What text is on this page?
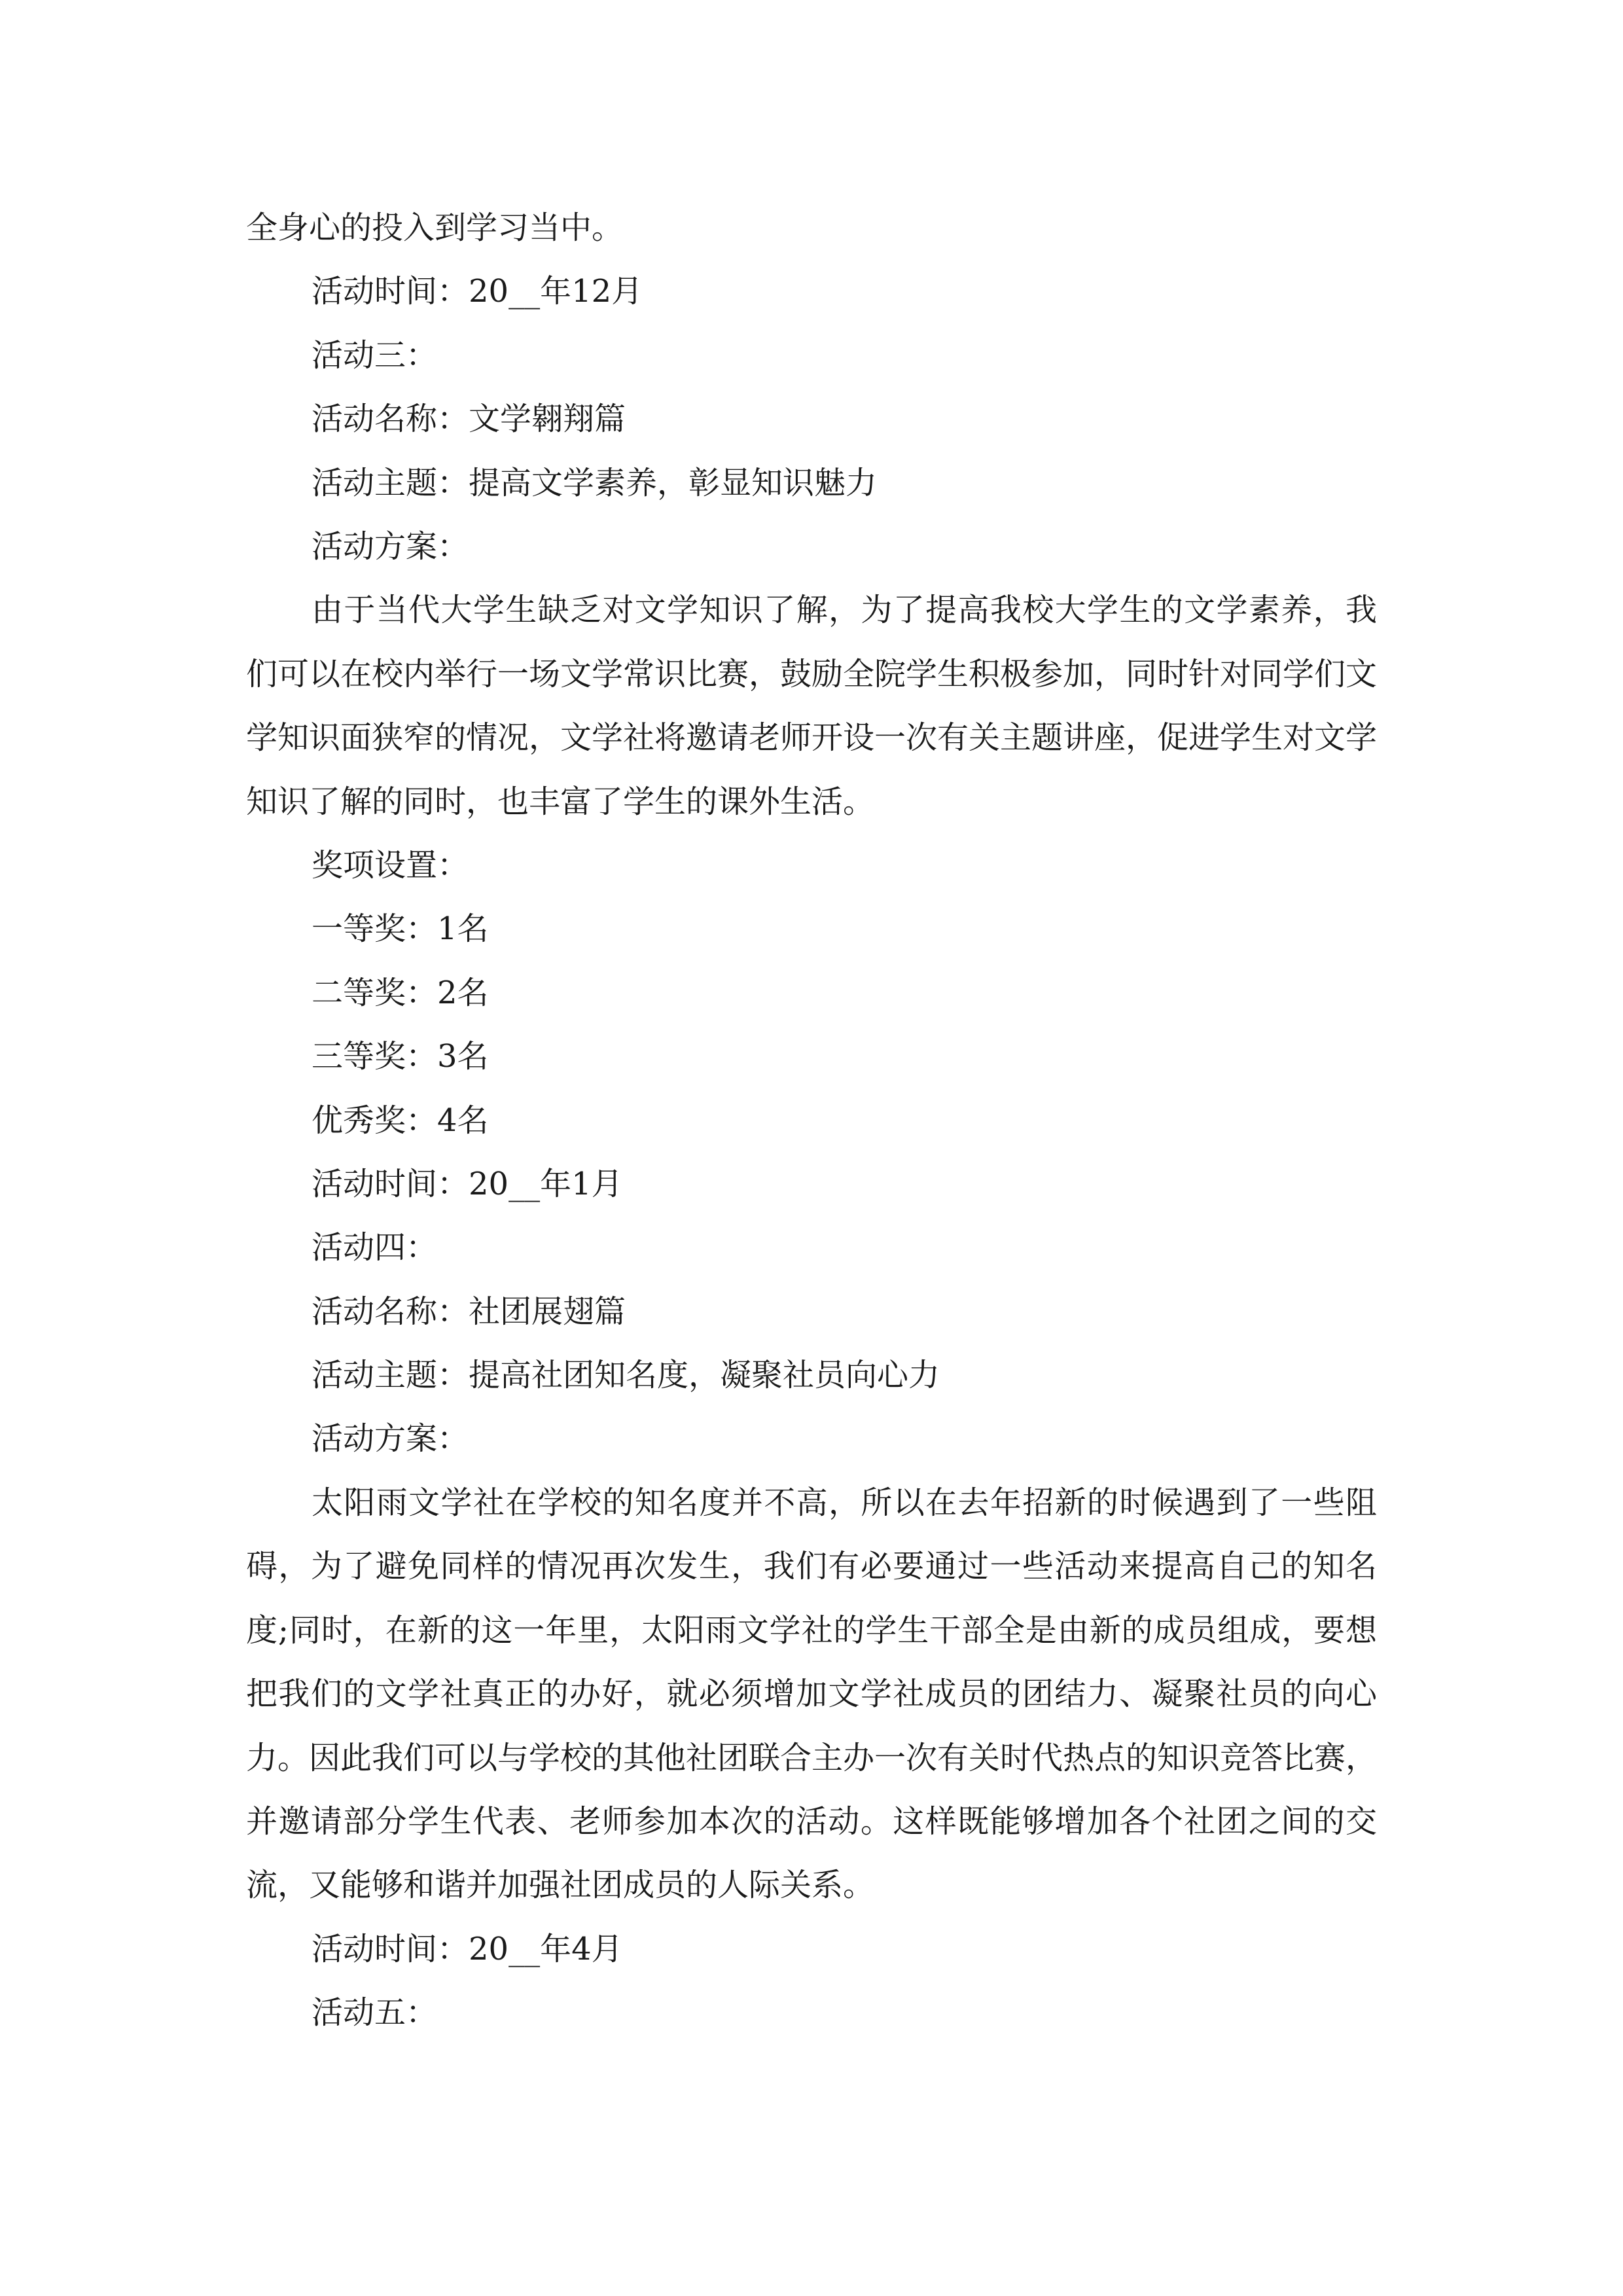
全身心的投入到学习当中。
活动时间：20__年12月
活动三：
活动名称：文学翱翔篇
活动主题：提高文学素养，彰显知识魅力
活动方案：

由于当代大学生缺乏对文学知识了解，为了提高我校大学生的文学素养，我们可以在校内举行一场文学常识比赛，鼓励全院学生积极参加，同时针对同学们文学知识面狭窄的情况，文学社将邀请老师开设一次有关主题讲座，促进学生对文学知识了解的同时，也丰富了学生的课外生活。

奖项设置：
一等奖：1名
二等奖：2名
三等奖：3名
优秀奖：4名
活动时间：20__年1月
活动四：
活动名称：社团展翅篇
活动主题：提高社团知名度，凝聚社员向心力
活动方案：

太阳雨文学社在学校的知名度并不高，所以在去年招新的时候遇到了一些阻碍，为了避免同样的情况再次发生，我们有必要通过一些活动来提高自己的知名度;同时，在新的这一年里，太阳雨文学社的学生干部全是由新的成员组成，要想把我们的文学社真正的办好，就必须增加文学社成员的团结力、凝聚社员的向心力。因此我们可以与学校的其他社团联合主办一次有关时代热点的知识竞答比赛，并邀请部分学生代表、老师参加本次的活动。这样既能够增加各个社团之间的交流，又能够和谐并加强社团成员的人际关系。

活动时间：20__年4月
活动五：
